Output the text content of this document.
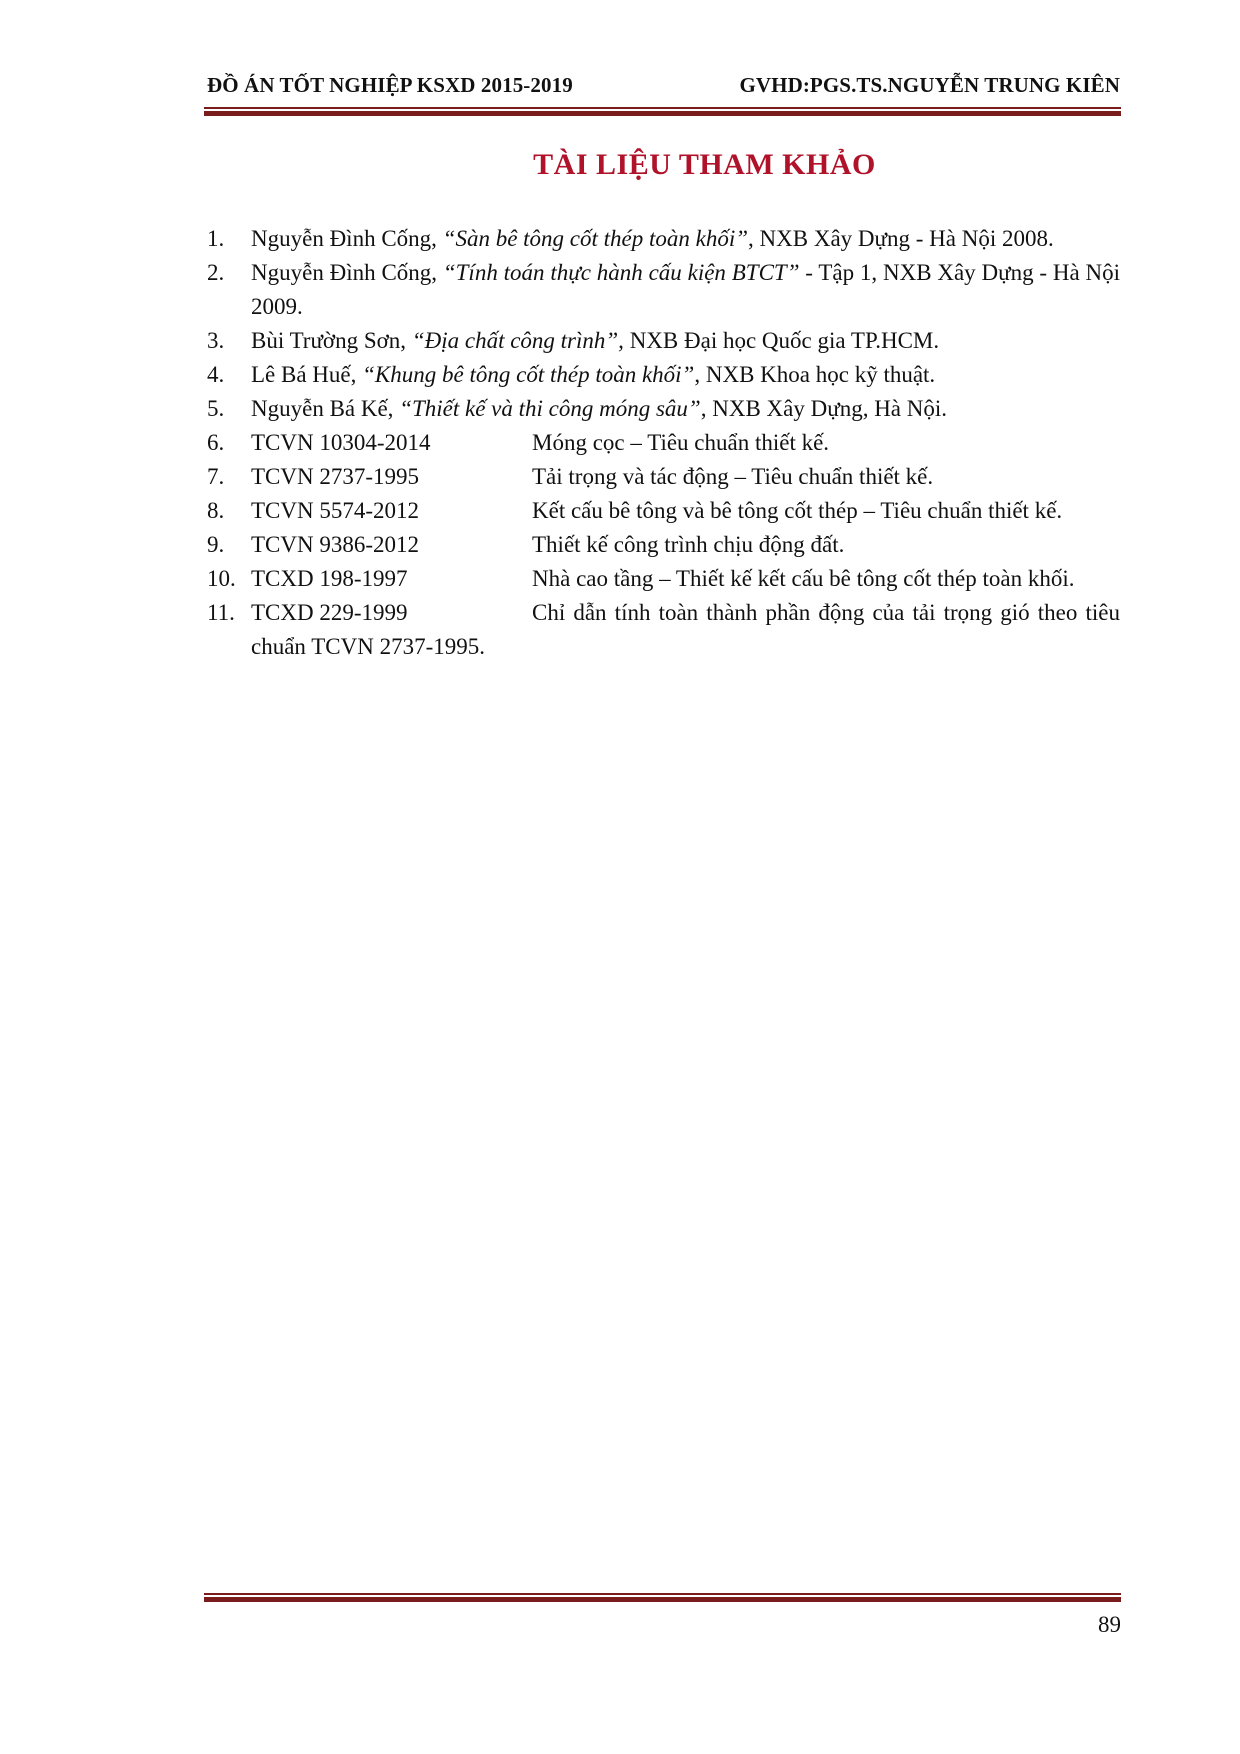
ĐỒ ÁN TỐT NGHIỆP KSXD 2015-2019	GVHD:PGS.TS.NGUYỄN TRUNG KIÊN
TÀI LIỆU THAM KHẢO
1. Nguyễn Đình Cống, “Sàn bê tông cốt thép toàn khối”, NXB Xây Dựng - Hà Nội 2008.
2. Nguyễn Đình Cống, “Tính toán thực hành cấu kiện BTCT” - Tập 1, NXB Xây Dựng - Hà Nội 2009.
3. Bùi Trường Sơn, “Địa chất công trình”, NXB Đại học Quốc gia TP.HCM.
4. Lê Bá Huế, “Khung bê tông cốt thép toàn khối”, NXB Khoa học kỹ thuật.
5. Nguyễn Bá Kế, “Thiết kế và thi công móng sâu”, NXB Xây Dựng, Hà Nội.
6. TCVN 10304-2014	Móng cọc – Tiêu chuẩn thiết kế.
7. TCVN 2737-1995	Tải trọng và tác động – Tiêu chuẩn thiết kế.
8. TCVN 5574-2012	Kết cấu bê tông và bê tông cốt thép – Tiêu chuẩn thiết kế.
9. TCVN 9386-2012	Thiết kế công trình chịu động đất.
10. TCXD 198-1997	Nhà cao tầng – Thiết kế kết cấu bê tông cốt thép toàn khối.
11. TCXD 229-1999	Chỉ dẫn tính toàn thành phần động của tải trọng gió theo tiêu chuẩn TCVN 2737-1995.
89
